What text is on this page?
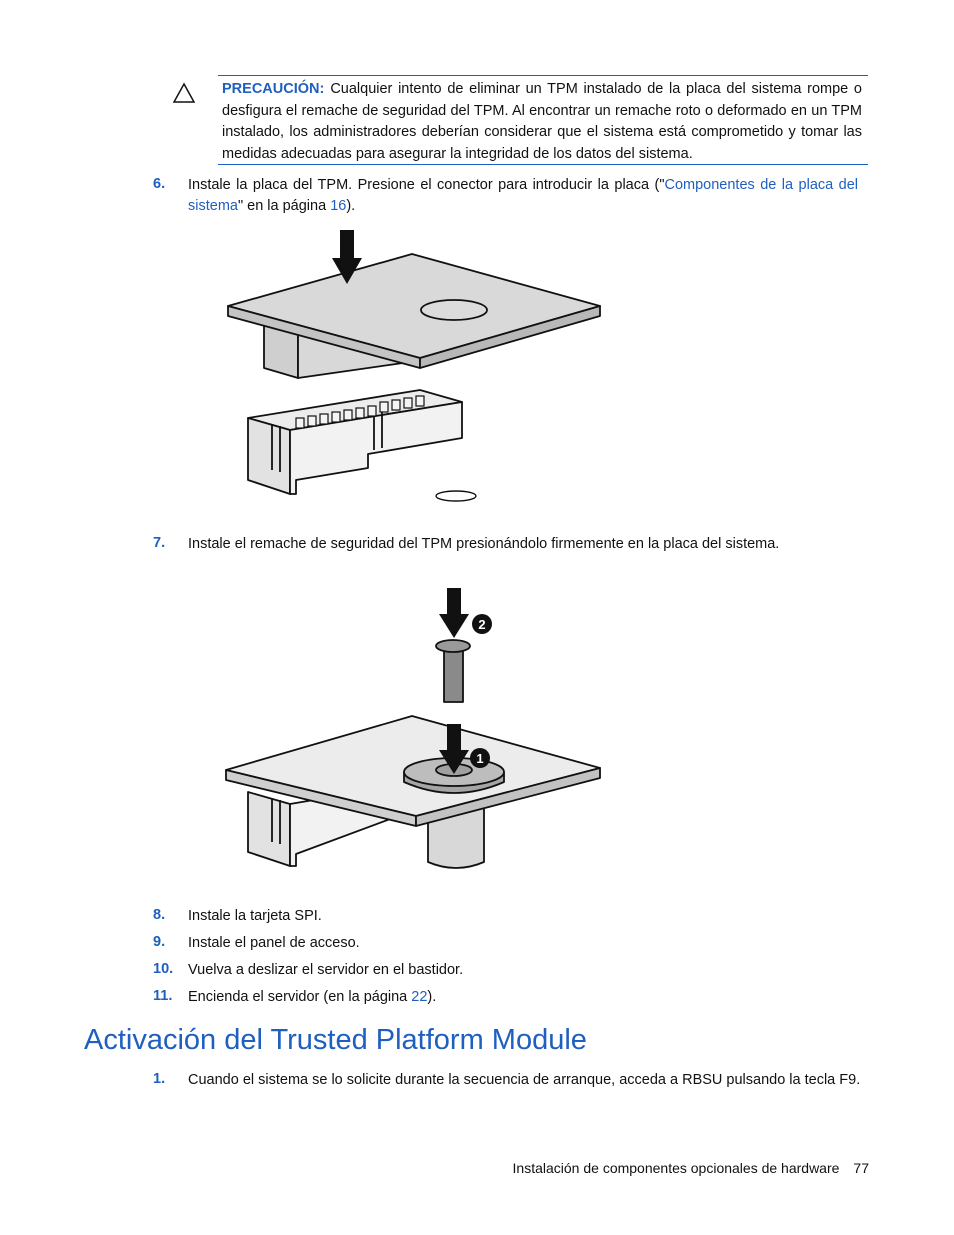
PRECAUCIÓN: Cualquier intento de eliminar un TPM instalado de la placa del sistema rompe o desfigura el remache de seguridad del TPM. Al encontrar un remache roto o deformado en un TPM instalado, los administradores deberían considerar que el sistema está comprometido y tomar las medidas adecuadas para asegurar la integridad de los datos del sistema.
6.	Instale la placa del TPM. Presione el conector para introducir la placa ("Componentes de la placa del sistema" en la página 16).
7.	Instale el remache de seguridad del TPM presionándolo firmemente en la placa del sistema.
2
1
8.	Instale la tarjeta SPI.
9.	Instale el panel de acceso.
10.	Vuelva a deslizar el servidor en el bastidor.
11.	Encienda el servidor (en la página 22).
Activación del Trusted Platform Module
1.	Cuando el sistema se lo solicite durante la secuencia de arranque, acceda a RBSU pulsando la tecla F9.
Instalación de componentes opcionales de hardware 77
